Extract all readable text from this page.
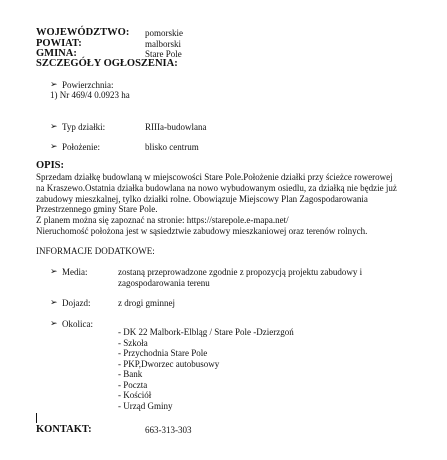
WOJEWÓDZTWO: pomorskie
POWIAT:	malborski
GMINA:	Stare Pole
SZCZEGÓŁY OGŁOSZENIA:
➢ Powierzchnia:
1) Nr 469/4 0.0923 ha
➢ Typ działki:	RIIIa-budowlana
➢ Położenie:	blisko centrum
OPIS:
Sprzedam działkę budowlaną w miejscowości Stare Pole.Położenie działki przy ścieżce rowerowej
na Kraszewo.Ostatnia działka budowlana na nowo wybudowanym osiedlu, za działką nie będzie już
zabudowy mieszkalnej, tylko działki rolne. Obowiązuje Miejscowy Plan Zagospodarowania
Przestrzennego gminy Stare Pole.
Z planem można się zapoznać na stronie: https://starepole.e-mapa.net/
Nieruchomość położona jest w sąsiedztwie zabudowy mieszkaniowej oraz terenów rolnych.
INFORMACJE DODATKOWE:
➢ Media:	zostaną przeprowadzone zgodnie z propozycją projektu zabudowy i
zagospodarowania terenu
➢ Dojazd:	z drogi gminnej
➢ Okolica:
- DK 22 Malbork-Elbląg / Stare Pole -Dzierzgoń
- Szkoła
- Przychodnia Stare Pole
- PKP,Dworzec autobusowy
- Bank
- Poczta
- Kościół
- Urząd Gminy
KONTAKT:	663-313-303
